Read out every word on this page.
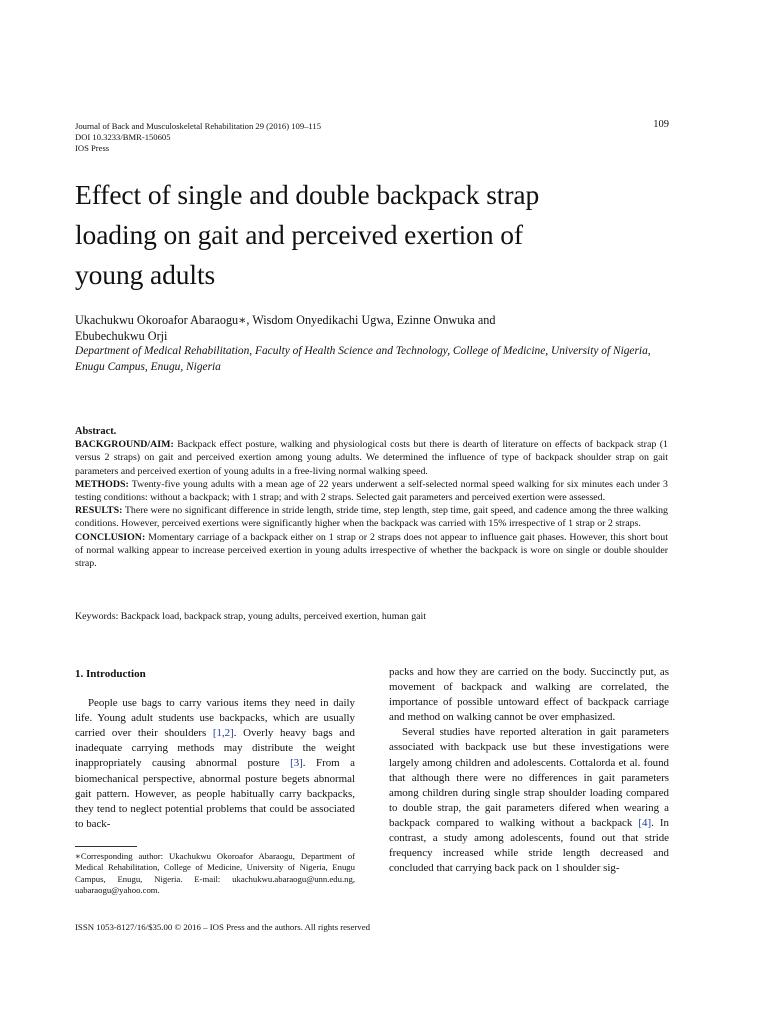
Journal of Back and Musculoskeletal Rehabilitation 29 (2016) 109–115
DOI 10.3233/BMR-150605
IOS Press
109
Effect of single and double backpack strap
loading on gait and perceived exertion of
young adults
Ukachukwu Okoroafor Abaraogu∗, Wisdom Onyedikachi Ugwa, Ezinne Onwuka and
Ebubechukwu Orji
Department of Medical Rehabilitation, Faculty of Health Science and Technology, College of Medicine, University of Nigeria, Enugu Campus, Enugu, Nigeria

Abstract.

BACKGROUND/AIM: Backpack effect posture, walking and physiological costs but there is dearth of literature on effects of backpack strap (1 versus 2 straps) on gait and perceived exertion among young adults. We determined the influence of type of backpack shoulder strap on gait parameters and perceived exertion of young adults in a free-living normal walking speed.

METHODS: Twenty-five young adults with a mean age of 22 years underwent a self-selected normal speed walking for six minutes each under 3 testing conditions: without a backpack; with 1 strap; and with 2 straps. Selected gait parameters and perceived exertion were assessed.

RESULTS: There were no significant difference in stride length, stride time, step length, step time, gait speed, and cadence among the three walking conditions. However, perceived exertions were significantly higher when the backpack was carried with 15% irrespective of 1 strap or 2 straps.

CONCLUSION: Momentary carriage of a backpack either on 1 strap or 2 straps does not appear to influence gait phases. However, this short bout of normal walking appear to increase perceived exertion in young adults irrespective of whether the backpack is wore on single or double shoulder strap.

Keywords: Backpack load, backpack strap, young adults, perceived exertion, human gait

1. Introduction

People use bags to carry various items they need in daily life. Young adult students use backpacks, which are usually carried over their shoulders [1,2]. Overly heavy bags and inadequate carrying methods may distribute the weight inappropriately causing abnormal posture [3]. From a biomechanical perspective, abnormal posture begets abnormal gait pattern. However, as people habitually carry backpacks, they tend to neglect potential problems that could be associated to back-

packs and how they are carried on the body. Succinctly put, as movement of backpack and walking are correlated, the importance of possible untoward effect of backpack carriage and method on walking cannot be over emphasized.

Several studies have reported alteration in gait parameters associated with backpack use but these investigations were largely among children and adolescents. Cottalorda et al. found that although there were no differences in gait parameters among children during single strap shoulder loading compared to double strap, the gait parameters difered when wearing a backpack compared to walking without a backpack [4]. In contrast, a study among adolescents, found out that stride frequency increased while stride length decreased and concluded that carrying back pack on 1 shoulder sig-

∗Corresponding author: Ukachukwu Okoroafor Abaraogu, Department of Medical Rehabilitation, College of Medicine, University of Nigeria, Enugu Campus, Enugu, Nigeria. E-mail: ukachukwu.abaraogu@unn.edu.ng, uabaraogu@yahoo.com.

ISSN 1053-8127/16/$35.00 © 2016 – IOS Press and the authors. All rights reserved
